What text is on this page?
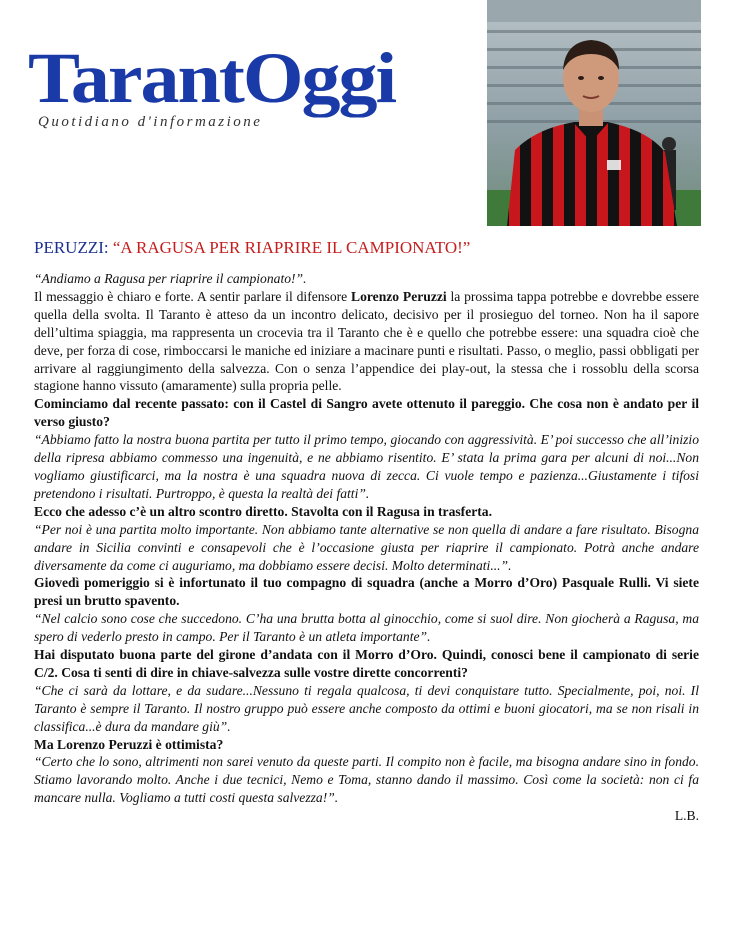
TarantOggi
Quotidiano d'informazione
PERUZZI: “A RAGUSA PER RIAPRIRE IL CAMPIONATO!”

“Andiamo a Ragusa per riaprire il campionato!”.

Il messaggio è chiaro e forte. A sentir parlare il difensore Lorenzo Peruzzi la prossima tappa potrebbe e dovrebbe essere quella della svolta. Il Taranto è atteso da un incontro delicato, decisivo per il prosieguo del torneo. Non ha il sapore dell’ultima spiaggia, ma rappresenta un crocevia tra il Taranto che è e quello che potrebbe essere: una squadra cioè che deve, per forza di cose, rimboccarsi le maniche ed iniziare a macinare punti e risultati. Passo, o meglio, passi obbligati per arrivare al raggiungimento della salvezza. Con o senza l’appendice dei play-out, la stessa che i rossoblu della scorsa stagione hanno vissuto (amaramente) sulla propria pelle.

Cominciamo dal recente passato: con il Castel di Sangro avete ottenuto il pareggio. Che cosa non è andato per il verso giusto?

“Abbiamo fatto la nostra buona partita per tutto il primo tempo, giocando con aggressività. E’ poi successo che all’inizio della ripresa abbiamo commesso una ingenuità, e ne abbiamo risentito. E’ stata la prima gara per alcuni di noi...Non vogliamo giustificarci, ma la nostra è una squadra nuova di zecca. Ci vuole tempo e pazienza...Giustamente i tifosi pretendono i risultati. Purtroppo, è questa la realtà dei fatti”.

Ecco che adesso c’è un altro scontro diretto. Stavolta con il Ragusa in trasferta.

“Per noi è una partita molto importante. Non abbiamo tante alternative se non quella di andare a fare risultato. Bisogna andare in Sicilia convinti e consapevoli che è l’occasione giusta per riaprire il campionato. Potrà anche andare diversamente da come ci auguriamo, ma dobbiamo essere decisi. Molto determinati...”.

Giovedì pomeriggio si è infortunato il tuo compagno di squadra (anche a Morro d’Oro) Pasquale Rulli. Vi siete presi un brutto spavento.

“Nel calcio sono cose che succedono. C’ha una brutta botta al ginocchio, come si suol dire. Non giocherà a Ragusa, ma spero di vederlo presto in campo. Per il Taranto è un atleta importante”.

Hai disputato buona parte del girone d’andata con il Morro d’Oro. Quindi, conosci bene il campionato di serie C/2. Cosa ti senti di dire in chiave-salvezza sulle vostre dirette concorrenti?

“Che ci sarà da lottare, e da sudare...Nessuno ti regala qualcosa, ti devi conquistare tutto. Specialmente, poi, noi. Il Taranto è sempre il Taranto. Il nostro gruppo può essere anche composto da ottimi e buoni giocatori, ma se non risali in classifica...è dura da mandare giù”.

Ma Lorenzo Peruzzi è ottimista?

“Certo che lo sono, altrimenti non sarei venuto da queste parti. Il compito non è facile, ma bisogna andare sino in fondo. Stiamo lavorando molto. Anche i due tecnici, Nemo e Toma, stanno dando il massimo. Così come la società: non ci fa mancare nulla. Vogliamo a tutti costi questa salvezza!”.

L.B.
